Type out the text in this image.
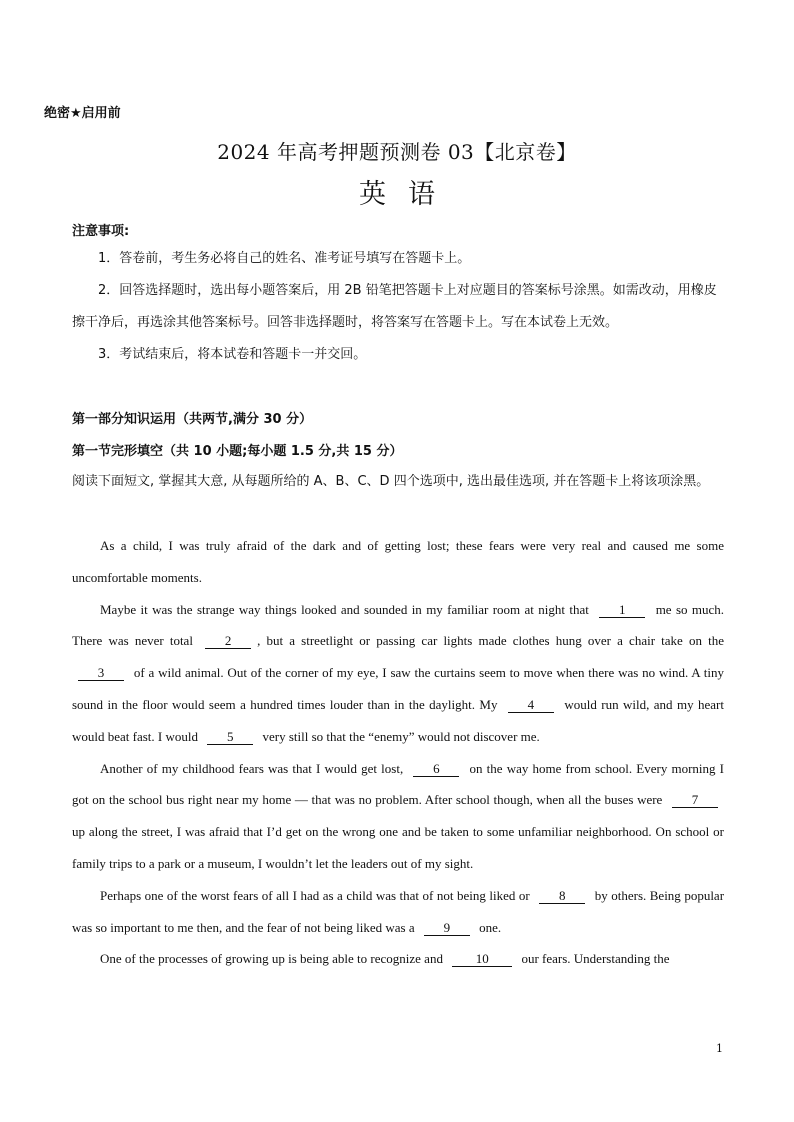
绝密★启用前
2024 年高考押题预测卷 03【北京卷】
英语
注意事项:
1．答卷前，考生务必将自己的姓名、准考证号填写在答题卡上。
2．回答选择题时，选出每小题答案后，用 2B 铅笔把答题卡上对应题目的答案标号涂黑。如需改动，用橡皮擦干净后，再选涂其他答案标号。回答非选择题时，将答案写在答题卡上。写在本试卷上无效。
3．考试结束后，将本试卷和答题卡一并交回。
第一部分知识运用（共两节,满分 30 分）
第一节完形填空（共 10 小题;每小题 1.5 分,共 15 分）
阅读下面短文, 掌握其大意, 从每题所给的 A、B、C、D 四个选项中, 选出最佳选项, 并在答题卡上将该项涂黑。

As a child, I was truly afraid of the dark and of getting lost; these fears were very real and caused me some uncomfortable moments.

Maybe it was the strange way things looked and sounded in my familiar room at night that 1 me so much. There was never total 2 , but a streetlight or passing car lights made clothes hung over a chair take on the 3 of a wild animal. Out of the corner of my eye, I saw the curtains seem to move when there was no wind. A tiny sound in the floor would seem a hundred times louder than in the daylight. My 4 would run wild, and my heart would beat fast. I would 5 very still so that the “enemy” would not discover me.

Another of my childhood fears was that I would get lost, 6 on the way home from school. Every morning I got on the school bus right near my home — that was no problem. After school though, when all the buses were 7 up along the street, I was afraid that I’d get on the wrong one and be taken to some unfamiliar neighborhood. On school or family trips to a park or a museum, I wouldn’t let the leaders out of my sight.

Perhaps one of the worst fears of all I had as a child was that of not being liked or 8 by others. Being popular was so important to me then, and the fear of not being liked was a 9 one.

One of the processes of growing up is being able to recognize and	10	our fears. Understanding the

1
